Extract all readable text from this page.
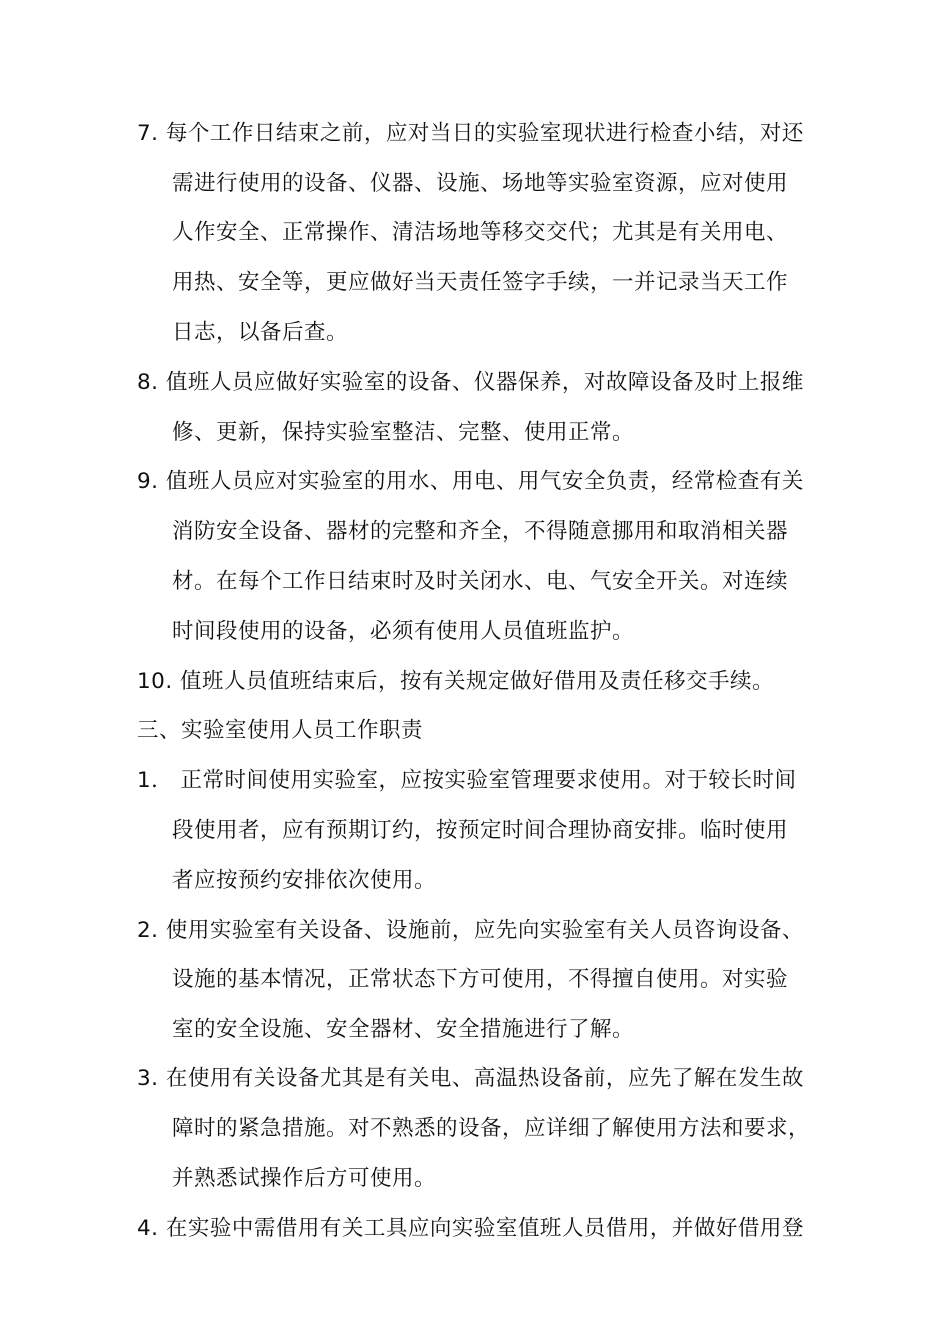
7. 每个工作日结束之前，应对当日的实验室现状进行检查小结，对还
需进行使用的设备、仪器、设施、场地等实验室资源，应对使用
人作安全、正常操作、清洁场地等移交交代；尤其是有关用电、
用热、安全等，更应做好当天责任签字手续，一并记录当天工作
日志，以备后查。
8. 值班人员应做好实验室的设备、仪器保养，对故障设备及时上报维
修、更新，保持实验室整洁、完整、使用正常。
9. 值班人员应对实验室的用水、用电、用气安全负责，经常检查有关
消防安全设备、器材的完整和齐全，不得随意挪用和取消相关器
材。在每个工作日结束时及时关闭水、电、气安全开关。对连续
时间段使用的设备，必须有使用人员值班监护。
10. 值班人员值班结束后，按有关规定做好借用及责任移交手续。
三、实验室使用人员工作职责
1． 正常时间使用实验室，应按实验室管理要求使用。对于较长时间
段使用者，应有预期订约，按预定时间合理协商安排。临时使用
者应按预约安排依次使用。
2. 使用实验室有关设备、设施前，应先向实验室有关人员咨询设备、
设施的基本情况，正常状态下方可使用，不得擅自使用。对实验
室的安全设施、安全器材、安全措施进行了解。
3. 在使用有关设备尤其是有关电、高温热设备前，应先了解在发生故
障时的紧急措施。对不熟悉的设备，应详细了解使用方法和要求，
并熟悉试操作后方可使用。
4. 在实验中需借用有关工具应向实验室值班人员借用，并做好借用登
